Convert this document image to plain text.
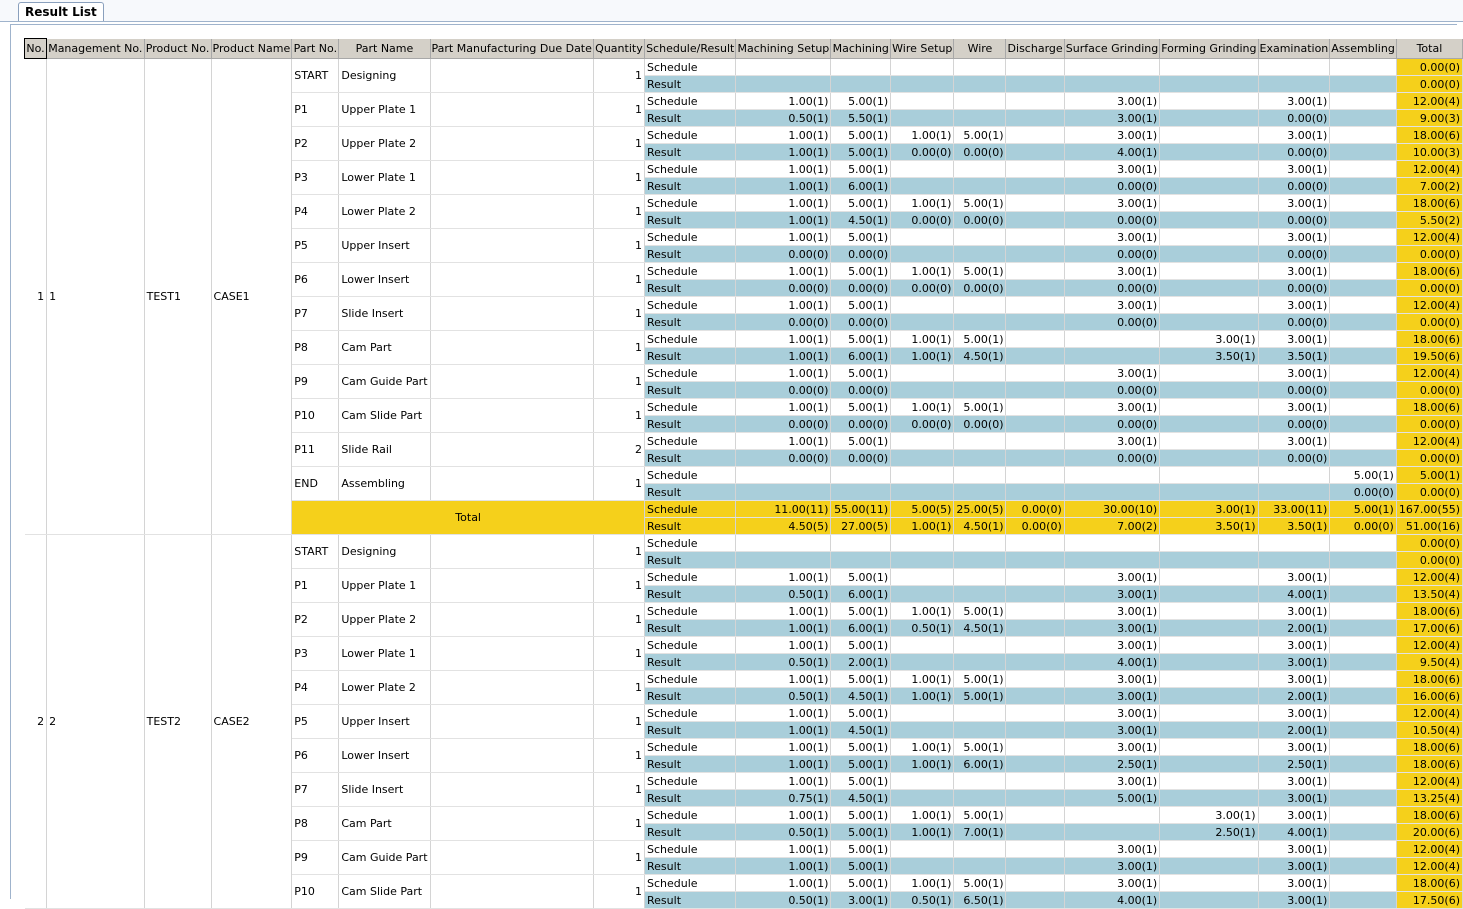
Result List
No.	Management No.	Product No.	Product Name	Part No.	Part Name	Part Manufacturing Due Date	Quantity	Schedule/Result	Machining Setup	Machining	Wire Setup	Wire	Discharge	Surface Grinding	Forming Grinding	Examination	Assembling	Total
1	1	TEST1	CASE1	START	Designing		1	Schedule										0.00(0)
								Result										0.00(0)
				P1	Upper Plate 1		1	Schedule	1.00(1)	5.00(1)				3.00(1)		3.00(1)		12.00(4)
								Result	0.50(1)	5.50(1)				3.00(1)		0.00(0)		9.00(3)
				P2	Upper Plate 2		1	Schedule	1.00(1)	5.00(1)	1.00(1)	5.00(1)		3.00(1)		3.00(1)		18.00(6)
								Result	1.00(1)	5.00(1)	0.00(0)	0.00(0)		4.00(1)		0.00(0)		10.00(3)
				P3	Lower Plate 1		1	Schedule	1.00(1)	5.00(1)				3.00(1)		3.00(1)		12.00(4)
								Result	1.00(1)	6.00(1)				0.00(0)		0.00(0)		7.00(2)
				P4	Lower Plate 2		1	Schedule	1.00(1)	5.00(1)	1.00(1)	5.00(1)		3.00(1)		3.00(1)		18.00(6)
								Result	1.00(1)	4.50(1)	0.00(0)	0.00(0)		0.00(0)		0.00(0)		5.50(2)
				P5	Upper Insert		1	Schedule	1.00(1)	5.00(1)				3.00(1)		3.00(1)		12.00(4)
								Result	0.00(0)	0.00(0)				0.00(0)		0.00(0)		0.00(0)
				P6	Lower Insert		1	Schedule	1.00(1)	5.00(1)	1.00(1)	5.00(1)		3.00(1)		3.00(1)		18.00(6)
								Result	0.00(0)	0.00(0)	0.00(0)	0.00(0)		0.00(0)		0.00(0)		0.00(0)
				P7	Slide Insert		1	Schedule	1.00(1)	5.00(1)				3.00(1)		3.00(1)		12.00(4)
								Result	0.00(0)	0.00(0)				0.00(0)		0.00(0)		0.00(0)
				P8	Cam Part		1	Schedule	1.00(1)	5.00(1)	1.00(1)	5.00(1)			3.00(1)	3.00(1)		18.00(6)
								Result	1.00(1)	6.00(1)	1.00(1)	4.50(1)			3.50(1)	3.50(1)		19.50(6)
				P9	Cam Guide Part		1	Schedule	1.00(1)	5.00(1)				3.00(1)		3.00(1)		12.00(4)
								Result	0.00(0)	0.00(0)				0.00(0)		0.00(0)		0.00(0)
				P10	Cam Slide Part		1	Schedule	1.00(1)	5.00(1)	1.00(1)	5.00(1)		3.00(1)		3.00(1)		18.00(6)
								Result	0.00(0)	0.00(0)	0.00(0)	0.00(0)		0.00(0)		0.00(0)		0.00(0)
				P11	Slide Rail		2	Schedule	1.00(1)	5.00(1)				3.00(1)		3.00(1)		12.00(4)
								Result	0.00(0)	0.00(0)				0.00(0)		0.00(0)		0.00(0)
				END	Assembling		1	Schedule									5.00(1)	5.00(1)
								Result									0.00(0)	0.00(0)
				Total				Schedule	11.00(11)	55.00(11)	5.00(5)	25.00(5)	0.00(0)	30.00(10)	3.00(1)	33.00(11)	5.00(1)	167.00(55)
								Result	4.50(5)	27.00(5)	1.00(1)	4.50(1)	0.00(0)	7.00(2)	3.50(1)	3.50(1)	0.00(0)	51.00(16)
2	2	TEST2	CASE2	START	Designing		1	Schedule										0.00(0)
								Result										0.00(0)
				P1	Upper Plate 1		1	Schedule	1.00(1)	5.00(1)				3.00(1)		3.00(1)		12.00(4)
								Result	0.50(1)	6.00(1)				3.00(1)		4.00(1)		13.50(4)
				P2	Upper Plate 2		1	Schedule	1.00(1)	5.00(1)	1.00(1)	5.00(1)		3.00(1)		3.00(1)		18.00(6)
								Result	1.00(1)	6.00(1)	0.50(1)	4.50(1)		3.00(1)		2.00(1)		17.00(6)
				P3	Lower Plate 1		1	Schedule	1.00(1)	5.00(1)				3.00(1)		3.00(1)		12.00(4)
								Result	0.50(1)	2.00(1)				4.00(1)		3.00(1)		9.50(4)
				P4	Lower Plate 2		1	Schedule	1.00(1)	5.00(1)	1.00(1)	5.00(1)		3.00(1)		3.00(1)		18.00(6)
								Result	0.50(1)	4.50(1)	1.00(1)	5.00(1)		3.00(1)		2.00(1)		16.00(6)
				P5	Upper Insert		1	Schedule	1.00(1)	5.00(1)				3.00(1)		3.00(1)		12.00(4)
								Result	1.00(1)	4.50(1)				3.00(1)		2.00(1)		10.50(4)
				P6	Lower Insert		1	Schedule	1.00(1)	5.00(1)	1.00(1)	5.00(1)		3.00(1)		3.00(1)		18.00(6)
								Result	1.00(1)	5.00(1)	1.00(1)	6.00(1)		2.50(1)		2.50(1)		18.00(6)
				P7	Slide Insert		1	Schedule	1.00(1)	5.00(1)				3.00(1)		3.00(1)		12.00(4)
								Result	0.75(1)	4.50(1)				5.00(1)		3.00(1)		13.25(4)
				P8	Cam Part		1	Schedule	1.00(1)	5.00(1)	1.00(1)	5.00(1)			3.00(1)	3.00(1)		18.00(6)
								Result	0.50(1)	5.00(1)	1.00(1)	7.00(1)			2.50(1)	4.00(1)		20.00(6)
				P9	Cam Guide Part		1	Schedule	1.00(1)	5.00(1)				3.00(1)		3.00(1)		12.00(4)
								Result	1.00(1)	5.00(1)				3.00(1)		3.00(1)		12.00(4)
				P10	Cam Slide Part		1	Schedule	1.00(1)	5.00(1)	1.00(1)	5.00(1)		3.00(1)		3.00(1)		18.00(6)
								Result	0.50(1)	3.00(1)	0.50(1)	6.50(1)		4.00(1)		3.00(1)		17.50(6)
